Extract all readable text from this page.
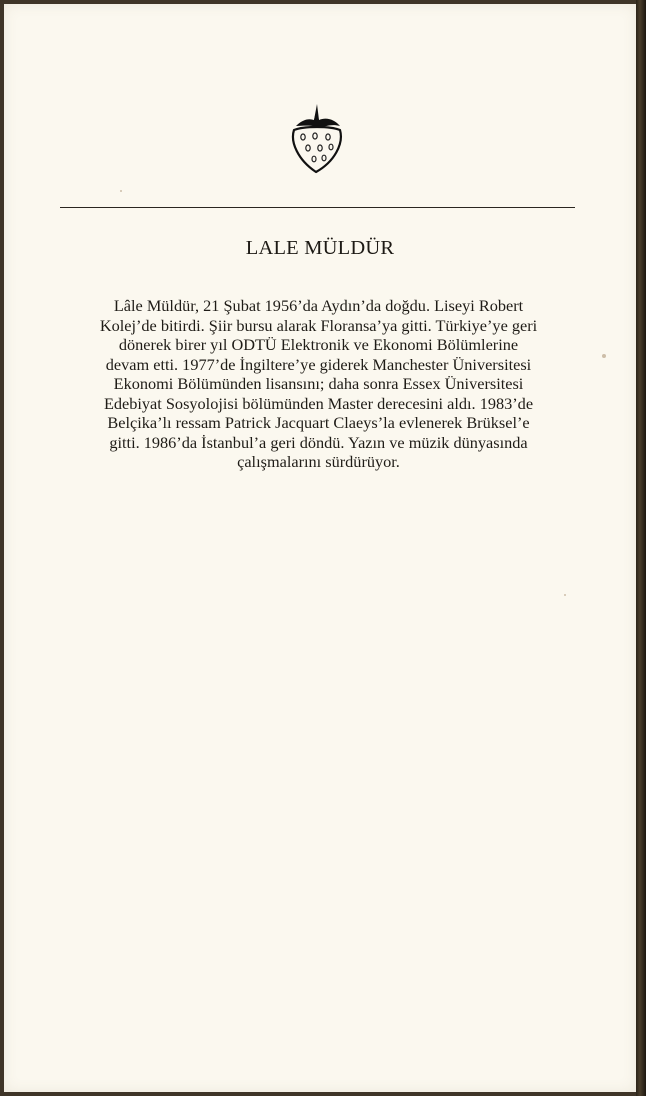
LALE MÜLDÜR
Lâle Müldür, 21 Şubat 1956’da Aydın’da doğdu. Liseyi Robert
Kolej’de bitirdi. Şiir bursu alarak Floransa’ya gitti. Türkiye’ye geri
dönerek birer yıl ODTÜ Elektronik ve Ekonomi Bölümlerine
devam etti. 1977’de İngiltere’ye giderek Manchester Üniversitesi
Ekonomi Bölümünden lisansını; daha sonra Essex Üniversitesi
Edebiyat Sosyolojisi bölümünden Master derecesini aldı. 1983’de
Belçika’lı ressam Patrick Jacquart Claeys’la evlenerek Brüksel’e
gitti. 1986’da İstanbul’a geri döndü. Yazın ve müzik dünyasında
çalışmalarını sürdürüyor.
